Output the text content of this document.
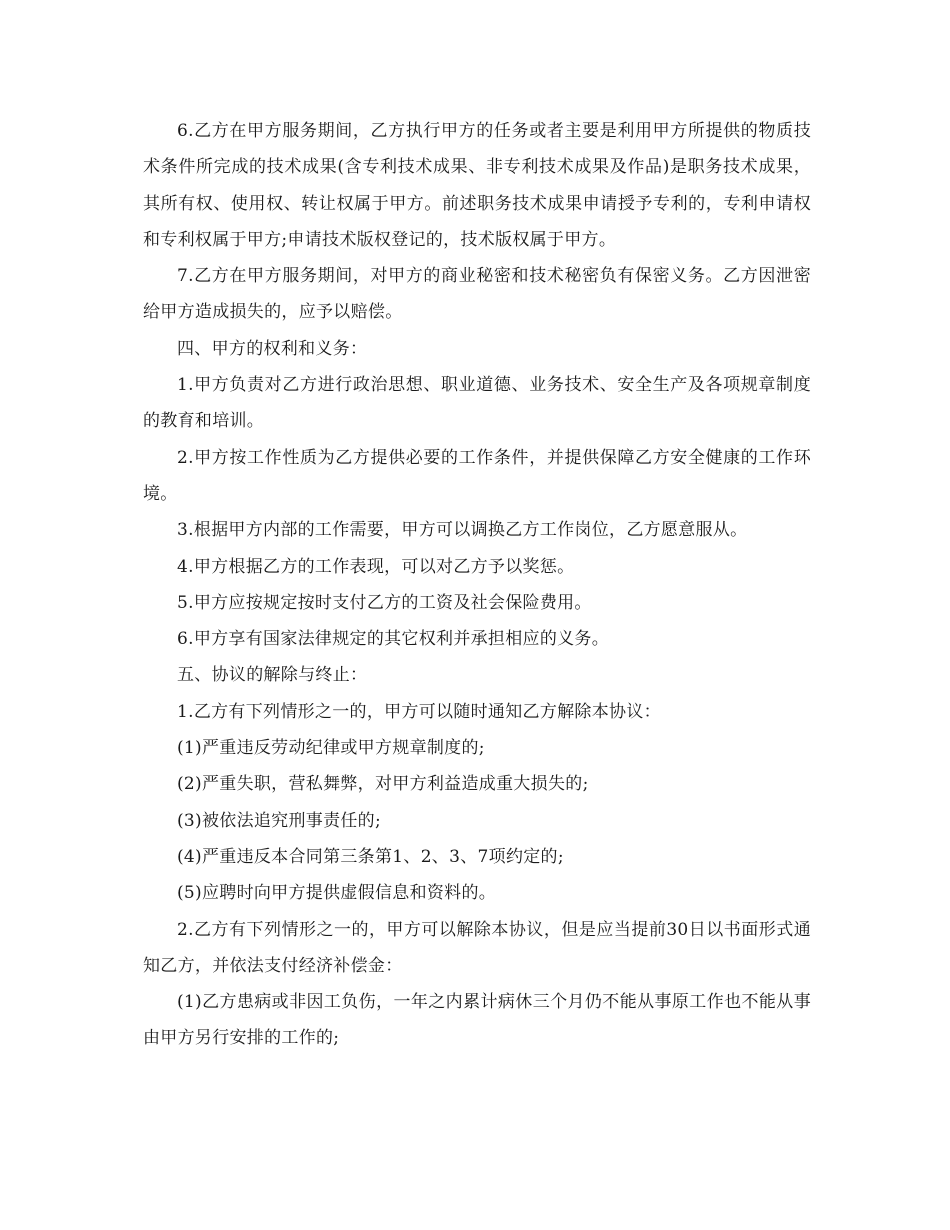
6.乙方在甲方服务期间，乙方执行甲方的任务或者主要是利用甲方所提供的物质技术条件所完成的技术成果(含专利技术成果、非专利技术成果及作品)是职务技术成果，其所有权、使用权、转让权属于甲方。前述职务技术成果申请授予专利的，专利申请权和专利权属于甲方;申请技术版权登记的，技术版权属于甲方。

7.乙方在甲方服务期间，对甲方的商业秘密和技术秘密负有保密义务。乙方因泄密给甲方造成损失的，应予以赔偿。

四、甲方的权利和义务：

1.甲方负责对乙方进行政治思想、职业道德、业务技术、安全生产及各项规章制度的教育和培训。

2.甲方按工作性质为乙方提供必要的工作条件，并提供保障乙方安全健康的工作环境。

3.根据甲方内部的工作需要，甲方可以调换乙方工作岗位，乙方愿意服从。

4.甲方根据乙方的工作表现，可以对乙方予以奖惩。

5.甲方应按规定按时支付乙方的工资及社会保险费用。

6.甲方享有国家法律规定的其它权利并承担相应的义务。

五、协议的解除与终止：

1.乙方有下列情形之一的，甲方可以随时通知乙方解除本协议：

(1)严重违反劳动纪律或甲方规章制度的;

(2)严重失职，营私舞弊，对甲方利益造成重大损失的;

(3)被依法追究刑事责任的;

(4)严重违反本合同第三条第1、2、3、7项约定的;

(5)应聘时向甲方提供虚假信息和资料的。

2.乙方有下列情形之一的，甲方可以解除本协议，但是应当提前30日以书面形式通知乙方，并依法支付经济补偿金：

(1)乙方患病或非因工负伤，一年之内累计病休三个月仍不能从事原工作也不能从事由甲方另行安排的工作的;
